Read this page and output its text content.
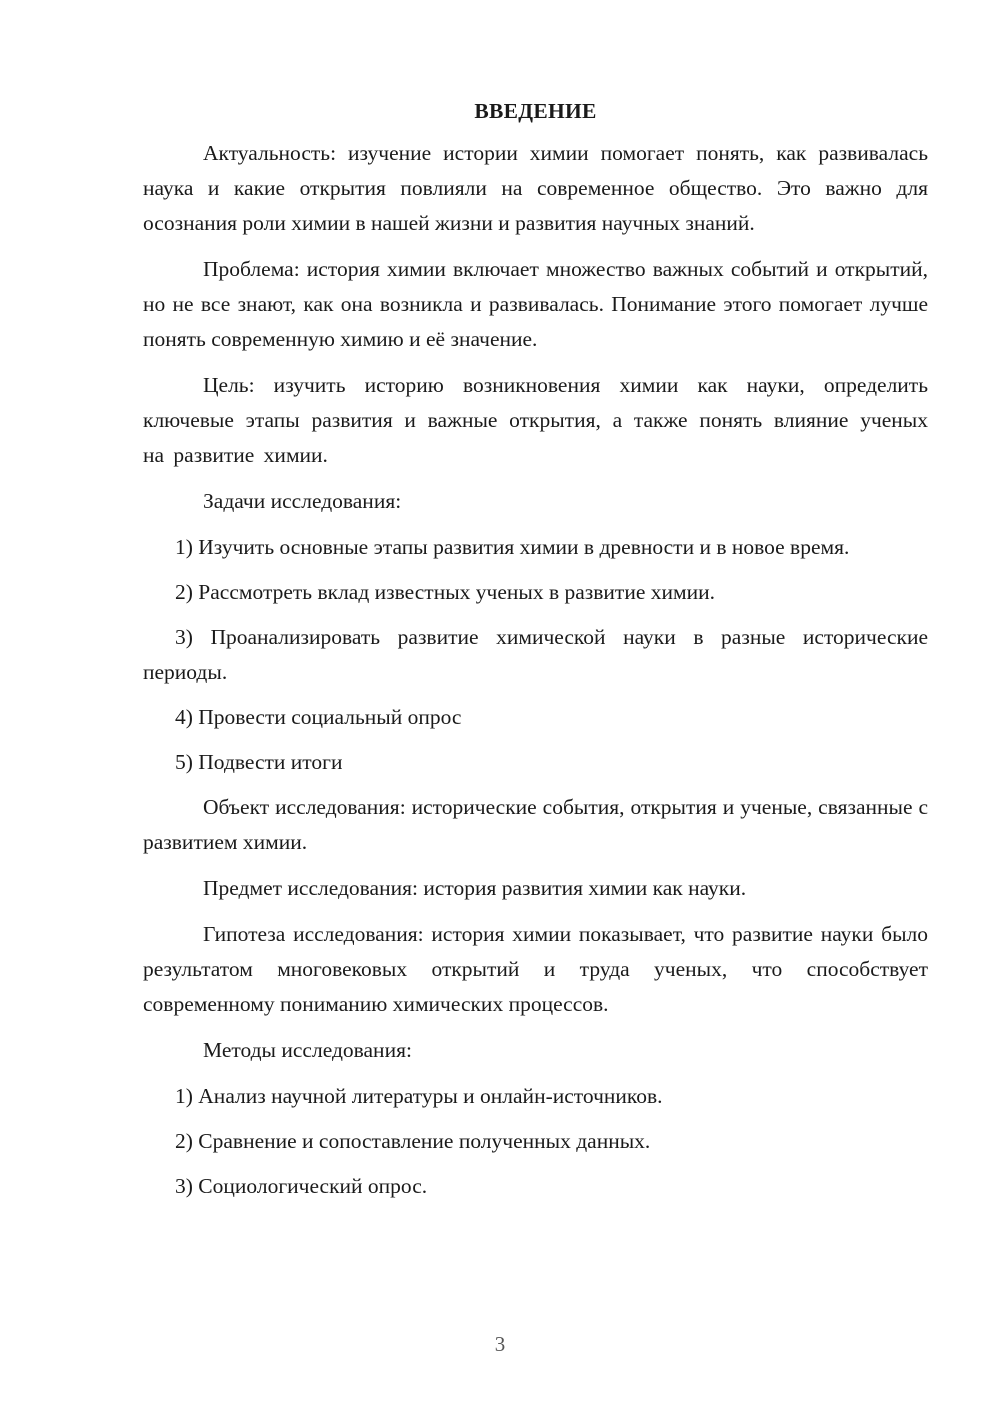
ВВЕДЕНИЕ

Актуальность: изучение истории химии помогает понять, как развивалась наука и какие открытия повлияли на современное общество. Это важно для осознания роли химии в нашей жизни и развития научных знаний.

Проблема: история химии включает множество важных событий и открытий, но не все знают, как она возникла и развивалась. Понимание этого помогает лучше понять современную химию и её значение.

Цель: изучить историю возникновения химии как науки, определить ключевые этапы развития и важные открытия, а также понять влияние ученых на развитие химии.

Задачи исследования:

1) Изучить основные этапы развития химии в древности и в новое время.

2) Рассмотреть вклад известных ученых в развитие химии.

3) Проанализировать развитие химической науки в разные исторические периоды.

4) Провести социальный опрос

5) Подвести итоги

Объект исследования: исторические события, открытия и ученые, связанные с развитием химии.

Предмет исследования: история развития химии как науки.

Гипотеза исследования: история химии показывает, что развитие науки было результатом многовековых открытий и труда ученых, что способствует современному пониманию химических процессов.

Методы исследования:

1) Анализ научной литературы и онлайн-источников.

2) Сравнение и сопоставление полученных данных.

3) Социологический опрос.

3
